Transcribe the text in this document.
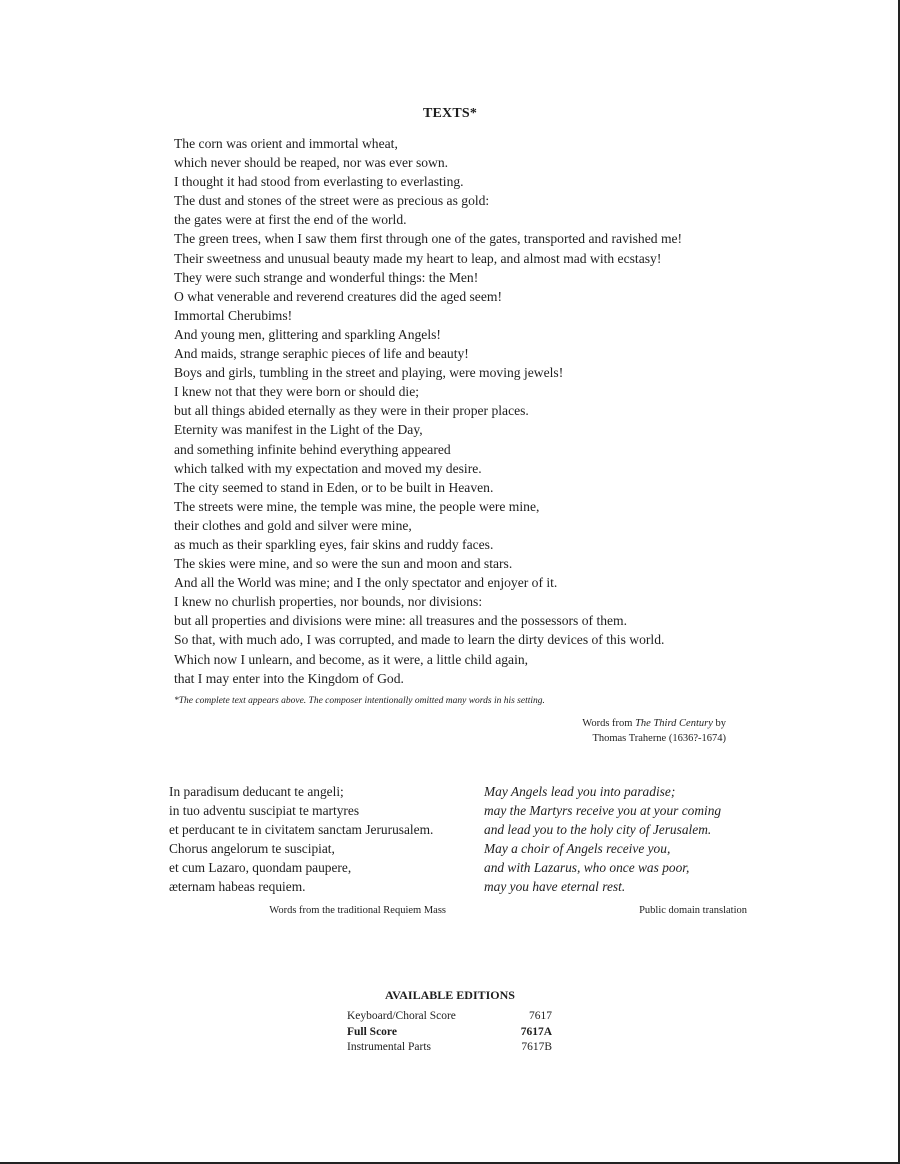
TEXTS*
The corn was orient and immortal wheat,
which never should be reaped, nor was ever sown.
I thought it had stood from everlasting to everlasting.
The dust and stones of the street were as precious as gold:
the gates were at first the end of the world.
The green trees, when I saw them first through one of the gates, transported and ravished me!
Their sweetness and unusual beauty made my heart to leap, and almost mad with ecstasy!
They were such strange and wonderful things: the Men!
O what venerable and reverend creatures did the aged seem!
Immortal Cherubims!
And young men, glittering and sparkling Angels!
And maids, strange seraphic pieces of life and beauty!
Boys and girls, tumbling in the street and playing, were moving jewels!
I knew not that they were born or should die;
but all things abided eternally as they were in their proper places.
Eternity was manifest in the Light of the Day,
and something infinite behind everything appeared
which talked with my expectation and moved my desire.
The city seemed to stand in Eden, or to be built in Heaven.
The streets were mine, the temple was mine, the people were mine,
their clothes and gold and silver were mine,
as much as their sparkling eyes, fair skins and ruddy faces.
The skies were mine, and so were the sun and moon and stars.
And all the World was mine; and I the only spectator and enjoyer of it.
I knew no churlish properties, nor bounds, nor divisions:
but all properties and divisions were mine: all treasures and the possessors of them.
So that, with much ado, I was corrupted, and made to learn the dirty devices of this world.
Which now I unlearn, and become, as it were, a little child again,
that I may enter into the Kingdom of God.
*The complete text appears above. The composer intentionally omitted many words in his setting.
Words from The Third Century by
Thomas Traherne (1636?-1674)
In paradisum deducant te angeli;
in tuo adventu suscipiat te martyres
et perducant te in civitatem sanctam Jerurusalem.
Chorus angelorum te suscipiat,
et cum Lazaro, quondam paupere,
æternam habeas requiem.
May Angels lead you into paradise;
may the Martyrs receive you at your coming
and lead you to the holy city of Jerusalem.
May a choir of Angels receive you,
and with Lazarus, who once was poor,
may you have eternal rest.
Words from the traditional Requiem Mass	Public domain translation
AVAILABLE EDITIONS
Keyboard/Choral Score	7617
Full Score	7617A
Instrumental Parts	7617B
